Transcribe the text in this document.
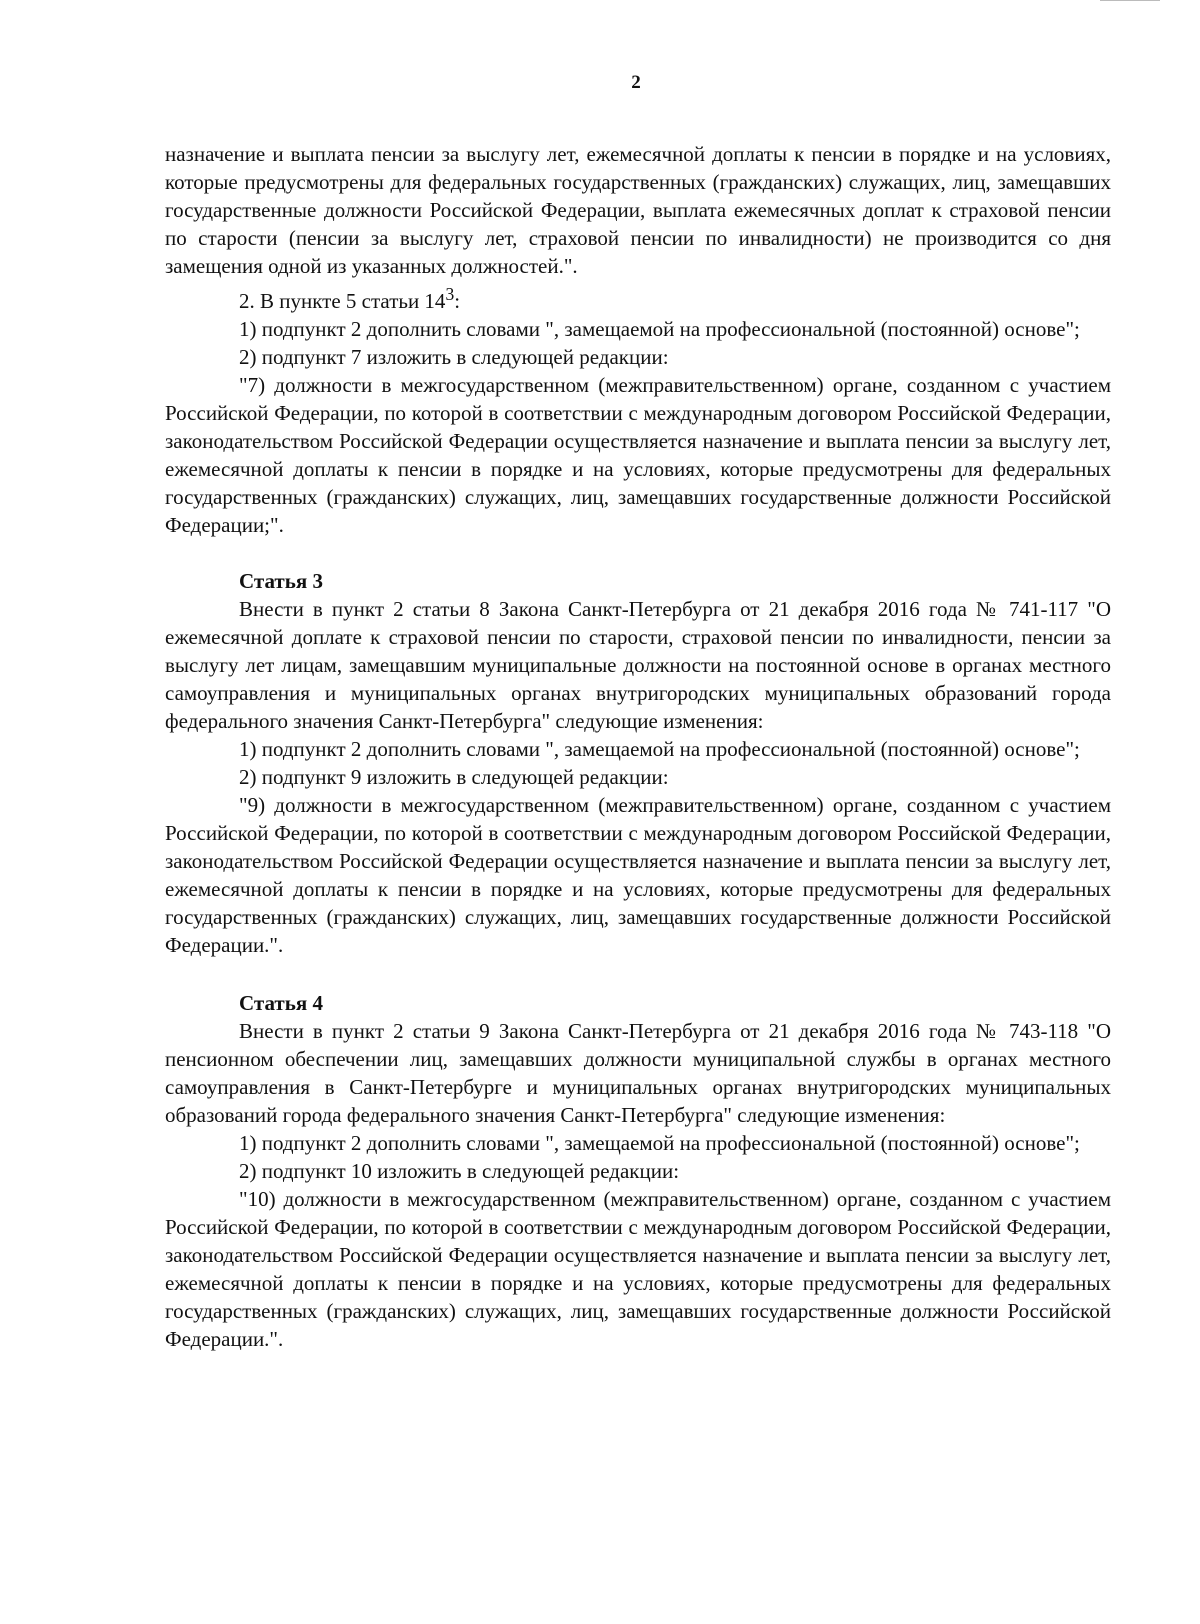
2

назначение и выплата пенсии за выслугу лет, ежемесячной доплаты к пенсии в порядке и на условиях, которые предусмотрены для федеральных государственных (гражданских) служащих, лиц, замещавших государственные должности Российской Федерации, выплата ежемесячных доплат к страховой пенсии по старости (пенсии за выслугу лет, страховой пенсии по инвалидности) не производится со дня замещения одной из указанных должностей.".

2. В пункте 5 статьи $14^3$:

1) подпункт 2 дополнить словами ", замещаемой на профессиональной (постоянной) основе";

2) подпункт 7 изложить в следующей редакции:

"7) должности в межгосударственном (межправительственном) органе, созданном с участием Российской Федерации, по которой в соответствии с международным договором Российской Федерации, законодательством Российской Федерации осуществляется назначение и выплата пенсии за выслугу лет, ежемесячной доплаты к пенсии в порядке и на условиях, которые предусмотрены для федеральных государственных (гражданских) служащих, лиц, замещавших государственные должности Российской Федерации;".

Статья 3

Внести в пункт 2 статьи 8 Закона Санкт-Петербурга от 21 декабря 2016 года № 741-117 "О ежемесячной доплате к страховой пенсии по старости, страховой пенсии по инвалидности, пенсии за выслугу лет лицам, замещавшим муниципальные должности на постоянной основе в органах местного самоуправления и муниципальных органах внутригородских муниципальных образований города федерального значения Санкт-Петербурга" следующие изменения:

1) подпункт 2 дополнить словами ", замещаемой на профессиональной (постоянной) основе";

2) подпункт 9 изложить в следующей редакции:

"9) должности в межгосударственном (межправительственном) органе, созданном с участием Российской Федерации, по которой в соответствии с международным договором Российской Федерации, законодательством Российской Федерации осуществляется назначение и выплата пенсии за выслугу лет, ежемесячной доплаты к пенсии в порядке и на условиях, которые предусмотрены для федеральных государственных (гражданских) служащих, лиц, замещавших государственные должности Российской Федерации.".

Статья 4

Внести в пункт 2 статьи 9 Закона Санкт-Петербурга от 21 декабря 2016 года № 743-118 "О пенсионном обеспечении лиц, замещавших должности муниципальной службы в органах местного самоуправления в Санкт-Петербурге и муниципальных органах внутригородских муниципальных образований города федерального значения Санкт-Петербурга" следующие изменения:

1) подпункт 2 дополнить словами ", замещаемой на профессиональной (постоянной) основе";

2) подпункт 10 изложить в следующей редакции:

"10) должности в межгосударственном (межправительственном) органе, созданном с участием Российской Федерации, по которой в соответствии с международным договором Российской Федерации, законодательством Российской Федерации осуществляется назначение и выплата пенсии за выслугу лет, ежемесячной доплаты к пенсии в порядке и на условиях, которые предусмотрены для федеральных государственных (гражданских) служащих, лиц, замещавших государственные должности Российской Федерации.".
